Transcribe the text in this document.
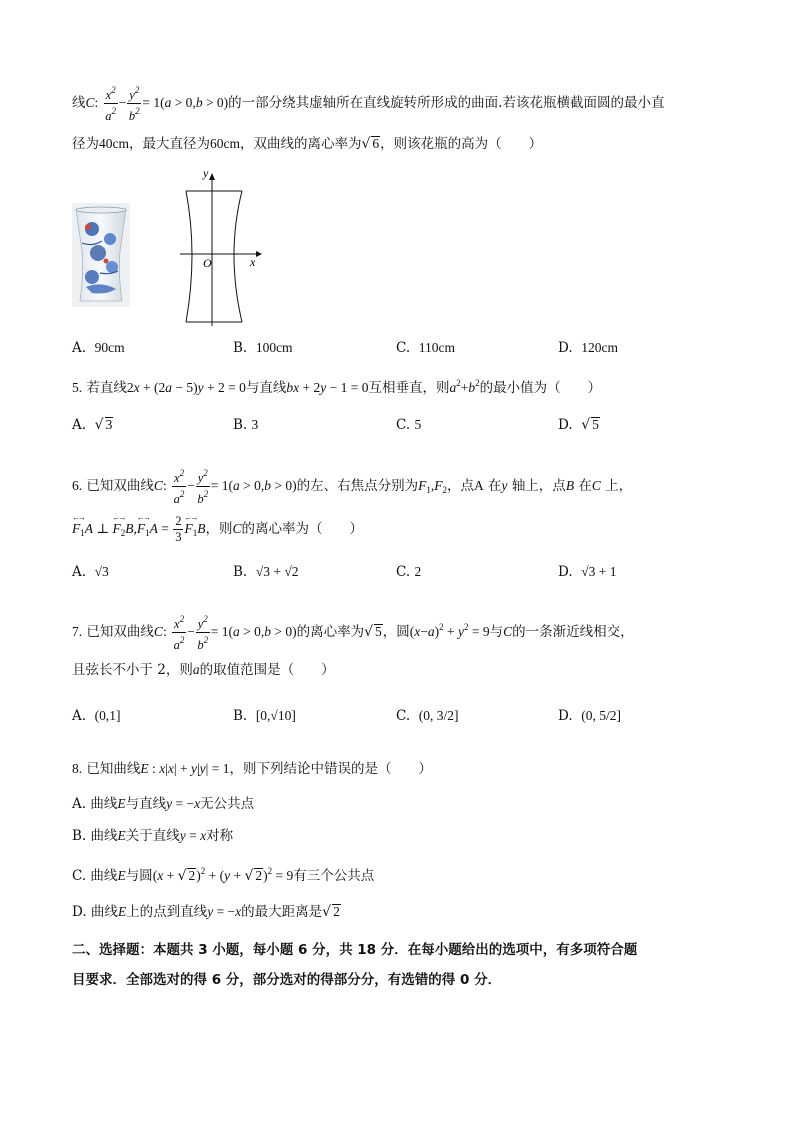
线C: $\frac{x^2}{a^2} - \frac{y^2}{b^2} = 1(a > 0,b > 0)$的一部分绕其虚轴所在直线旋转所形成的曲面.若该花瓶横截面圆的最小直
径为40cm，最大直径为60cm，双曲线的离心率为√ 6，则该花瓶的高为（　　）
y
x
O
A. 90cm	B. 100cm	C. 110cm	D. 120cm
5. 若直线2x + (2a − 5)y + 2 = 0与直线bx + 2y − 1 = 0互相垂直，则$a^2+b^2$的最小值为（　　）
A. √ 3	B. 3	C. 5	D. √ 5
6. 已知双曲线C: $\frac{x^2}{a^2} - \frac{y^2}{b^2} = 1(a > 0,b > 0)$的左、右焦点分别为$F_1,F_2$，点A 在y 轴上，点B 在C 上，
←→ $F_1A$ ⊥ ←→ $F_2B,\leftarrow\to F_1A = \frac{2}{3}$
←→ $F_1B$，则C的离心率为（　　）
A. √3	B. √3 + √2	C. 2	D. √3 + 1
7. 已知双曲线C: $\frac{x^2}{a^2} - \frac{y^2}{b^2} = 1(a > 0,b > 0)$的离心率为√ 5，圆$(x-a)^2 + y^2 = 9$与C的一条渐近线相交，
且弦长不小于 2，则a的取值范围是（　　）
A. (0,1]	B. [0,√10]	C. (0, 3/2]	D. (0, 5/2]
8. 已知曲线E : x|x| + y|y| = 1，则下列结论中错误的是（　　）
A. 曲线E与直线y = −x无公共点
B. 曲线E关于直线y = x对称
C. 曲线E与圆(x + √ 2)$^2$ + (y + √ 2)$^2$ = 9有三个公共点
D. 曲线E上的点到直线y = −x的最大距离是√ 2
二、选择题：本题共 3 小题，每小题 6 分，共 18 分．在每小题给出的选项中，有多项符合题
目要求．全部选对的得 6 分，部分选对的得部分分，有选错的得 0 分．
